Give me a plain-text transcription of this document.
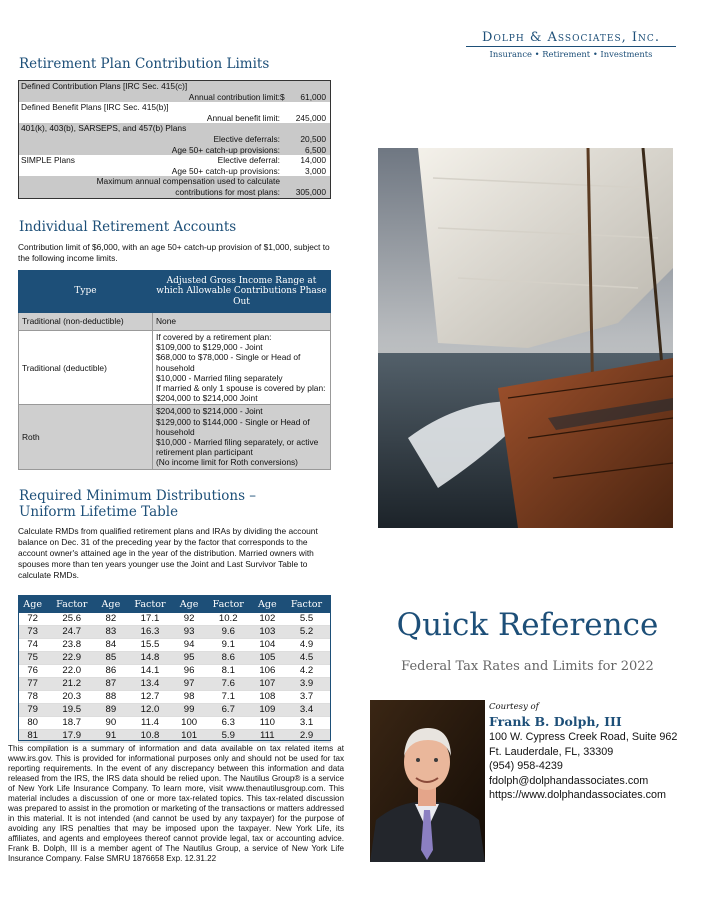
Dolph & Associates, Inc.
Insurance • Retirement • Investments
Retirement Plan Contribution Limits
Defined Contribution Plans [IRC Sec. 415(c)]
Annual contribution limit: $	61,000
Defined Benefit Plans [IRC Sec. 415(b)]
Annual benefit limit:	245,000
401(k), 403(b), SARSEPS, and 457(b) Plans
Elective deferrals:	20,500
Age 50+ catch-up provisions:	6,500
SIMPLE Plans	Elective deferral:	14,000
Age 50+ catch-up provisions:	3,000
Maximum annual compensation used to calculate
contributions for most plans:	305,000
Individual Retirement Accounts

Contribution limit of $6,000, with an age 50+ catch-up provision of $1,000, subject to the following income limits.

Type	Adjusted Gross Income Range at which Allowable Contributions Phase Out
Traditional (non-deductible)	None
Traditional (deductible)	If covered by a retirement plan:
$109,000 to $129,000 - Joint
$68,000 to $78,000 - Single or Head of household
$10,000 - Married filing separately
If married & only 1 spouse is covered by plan: $204,000 to $214,000 Joint

Roth	$204,000 to $214,000 - Joint
$129,000 to $144,000 - Single or Head of household
$10,000 - Married filing separately, or active retirement plan participant
(No income limit for Roth conversions)
Required Minimum Distributions –
Uniform Lifetime Table

Calculate RMDs from qualified retirement plans and IRAs by dividing the account balance on Dec. 31 of the preceding year by the factor that corresponds to the account owner's attained age in the year of the distribution. Married owners with spouses more than ten years younger use the Joint and Last Survivor Table to calculate RMDs.

Age	Factor	Age	Factor	Age	Factor	Age	Factor
72	25.6	82	17.1	92	10.2	102	5.5
73	24.7	83	16.3	93	9.6	103	5.2
74	23.8	84	15.5	94	9.1	104	4.9
75	22.9	85	14.8	95	8.6	105	4.5
76	22.0	86	14.1	96	8.1	106	4.2
77	21.2	87	13.4	97	7.6	107	3.9
78	20.3	88	12.7	98	7.1	108	3.7
79	19.5	89	12.0	99	6.7	109	3.4
80	18.7	90	11.4	100	6.3	110	3.1
81	17.9	91	10.8	101	5.9	111	2.9

This compilation is a summary of information and data available on tax related items at www.irs.gov. This is provided for informational purposes only and should not be used for tax reporting requirements. In the event of any discrepancy between this information and data released from the IRS, the IRS data should be relied upon. The Nautilus Group® is a service of New York Life Insurance Company. To learn more, visit www.thenautilusgroup.com. This material includes a discussion of one or more tax-related topics. This tax-related discussion was prepared to assist in the promotion or marketing of the transactions or matters addressed in this material. It is not intended (and cannot be used by any taxpayer) for the purpose of avoiding any IRS penalties that may be imposed upon the taxpayer. New York Life, its affiliates, and agents and employees thereof cannot provide legal, tax or accounting advice. Frank B. Dolph, III is a member agent of The Nautilus Group, a service of New York Life Insurance Company. False SMRU 1876658 Exp. 12.31.22

Quick Reference
Federal Tax Rates and Limits for 2022
Courtesy of
Frank B. Dolph, III
100 W. Cypress Creek Road, Suite 962
Ft. Lauderdale, FL, 33309
(954) 958-4239
fdolph@dolphandassociates.com
https://www.dolphandassociates.com
